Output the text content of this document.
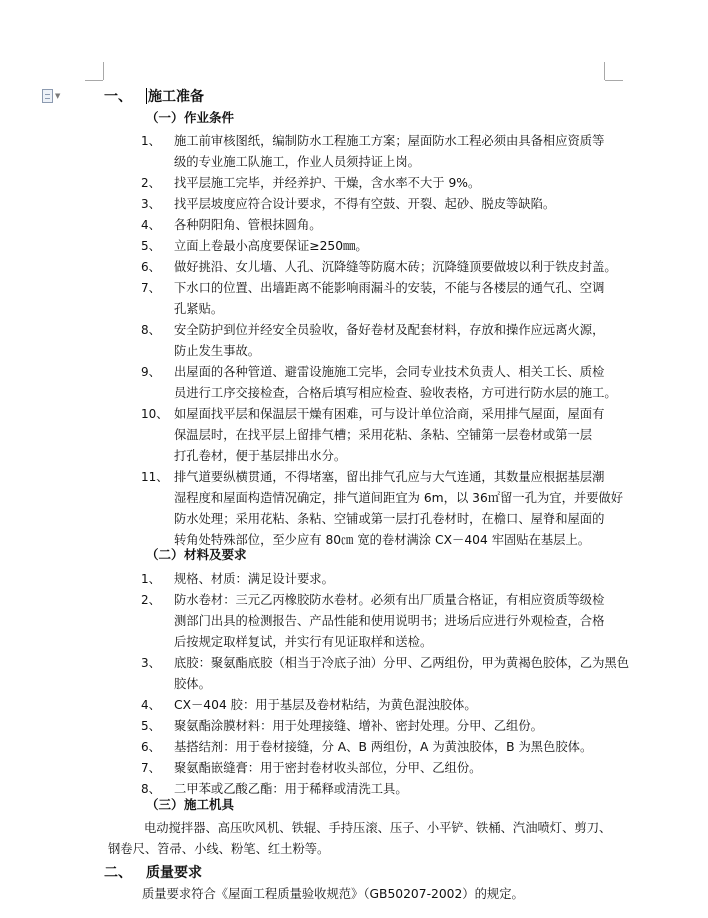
▼	一、 施工准备
二、 质量要求
（一） 作业条件
（二） 材料及要求
（三） 施工机具
1、 施工前审核图纸，编制防水工程施工方案；屋面防水工程必须由具备相应资质等
级的专业施工队施工，作业人员须持证上岗。
2、 找平层施工完毕，并经养护、干燥，含水率不大于 9%。
3、 找平层坡度应符合设计要求，不得有空鼓、开裂、起砂、脱皮等缺陷。
4、 各种阴阳角、管根抹圆角。
5、 立面上卷最小高度要保证≥250㎜。
6、 做好挑沿、女儿墙、人孔、沉降缝等防腐木砖；沉降缝顶要做坡以利于铁皮封盖。
7、 下水口的位置、出墙距离不能影响雨漏斗的安装，不能与各楼层的通气孔、空调
孔紧贴。
8、 安全防护到位并经安全员验收，备好卷材及配套材料，存放和操作应远离火源，
防止发生事故。
9、 出屋面的各种管道、避雷设施施工完毕，会同专业技术负责人、相关工长、质检
员进行工序交接检查，合格后填写相应检查、验收表格，方可进行防水层的施工。
10、 如屋面找平层和保温层干燥有困难，可与设计单位洽商，采用排气屋面，屋面有
保温层时，在找平层上留排气槽；采用花粘、条粘、空铺第一层卷材或第一层
打孔卷材，便于基层排出水分。
11、 排气道要纵横贯通，不得堵塞，留出排气孔应与大气连通，其数量应根据基层潮
湿程度和屋面构造情况确定，排气道间距宜为 6m，以 36㎡留一孔为宜，并要做好
防水处理；采用花粘、条粘、空铺或第一层打孔卷材时，在檐口、屋脊和屋面的
转角处特殊部位，至少应有 80㎝ 宽的卷材满涂 CX－404 牢固贴在基层上。
1、 规格、材质：满足设计要求。
2、 防水卷材：三元乙丙橡胶防水卷材。必须有出厂质量合格证，有相应资质等级检
测部门出具的检测报告、产品性能和使用说明书；进场后应进行外观检查，合格
后按规定取样复试，并实行有见证取样和送检。
3、 底胶：聚氨酯底胶（相当于冷底子油）分甲、乙两组份，甲为黄褐色胶体，乙为黑色
胶体。
4、 CX－404 胶：用于基层及卷材粘结，为黄色混浊胶体。
5、 聚氨酯涂膜材料：用于处理接缝、增补、密封处理。分甲、乙组份。
6、 基搭结剂：用于卷材接缝，分 A、B 两组份，A 为黄浊胶体，B 为黑色胶体。
7、 聚氨酯嵌缝膏：用于密封卷材收头部位，分甲、乙组份。
8、 二甲苯或乙酸乙酯：用于稀释或清洗工具。
电动搅拌器、高压吹风机、铁辊、手持压滚、压子、小平铲、铁桶、汽油喷灯、剪刀、
钢卷尺、笤帚、小线、粉笔、红土粉等。
质量要求符合《屋面工程质量验收规范》（GB50207-2002）的规定。
